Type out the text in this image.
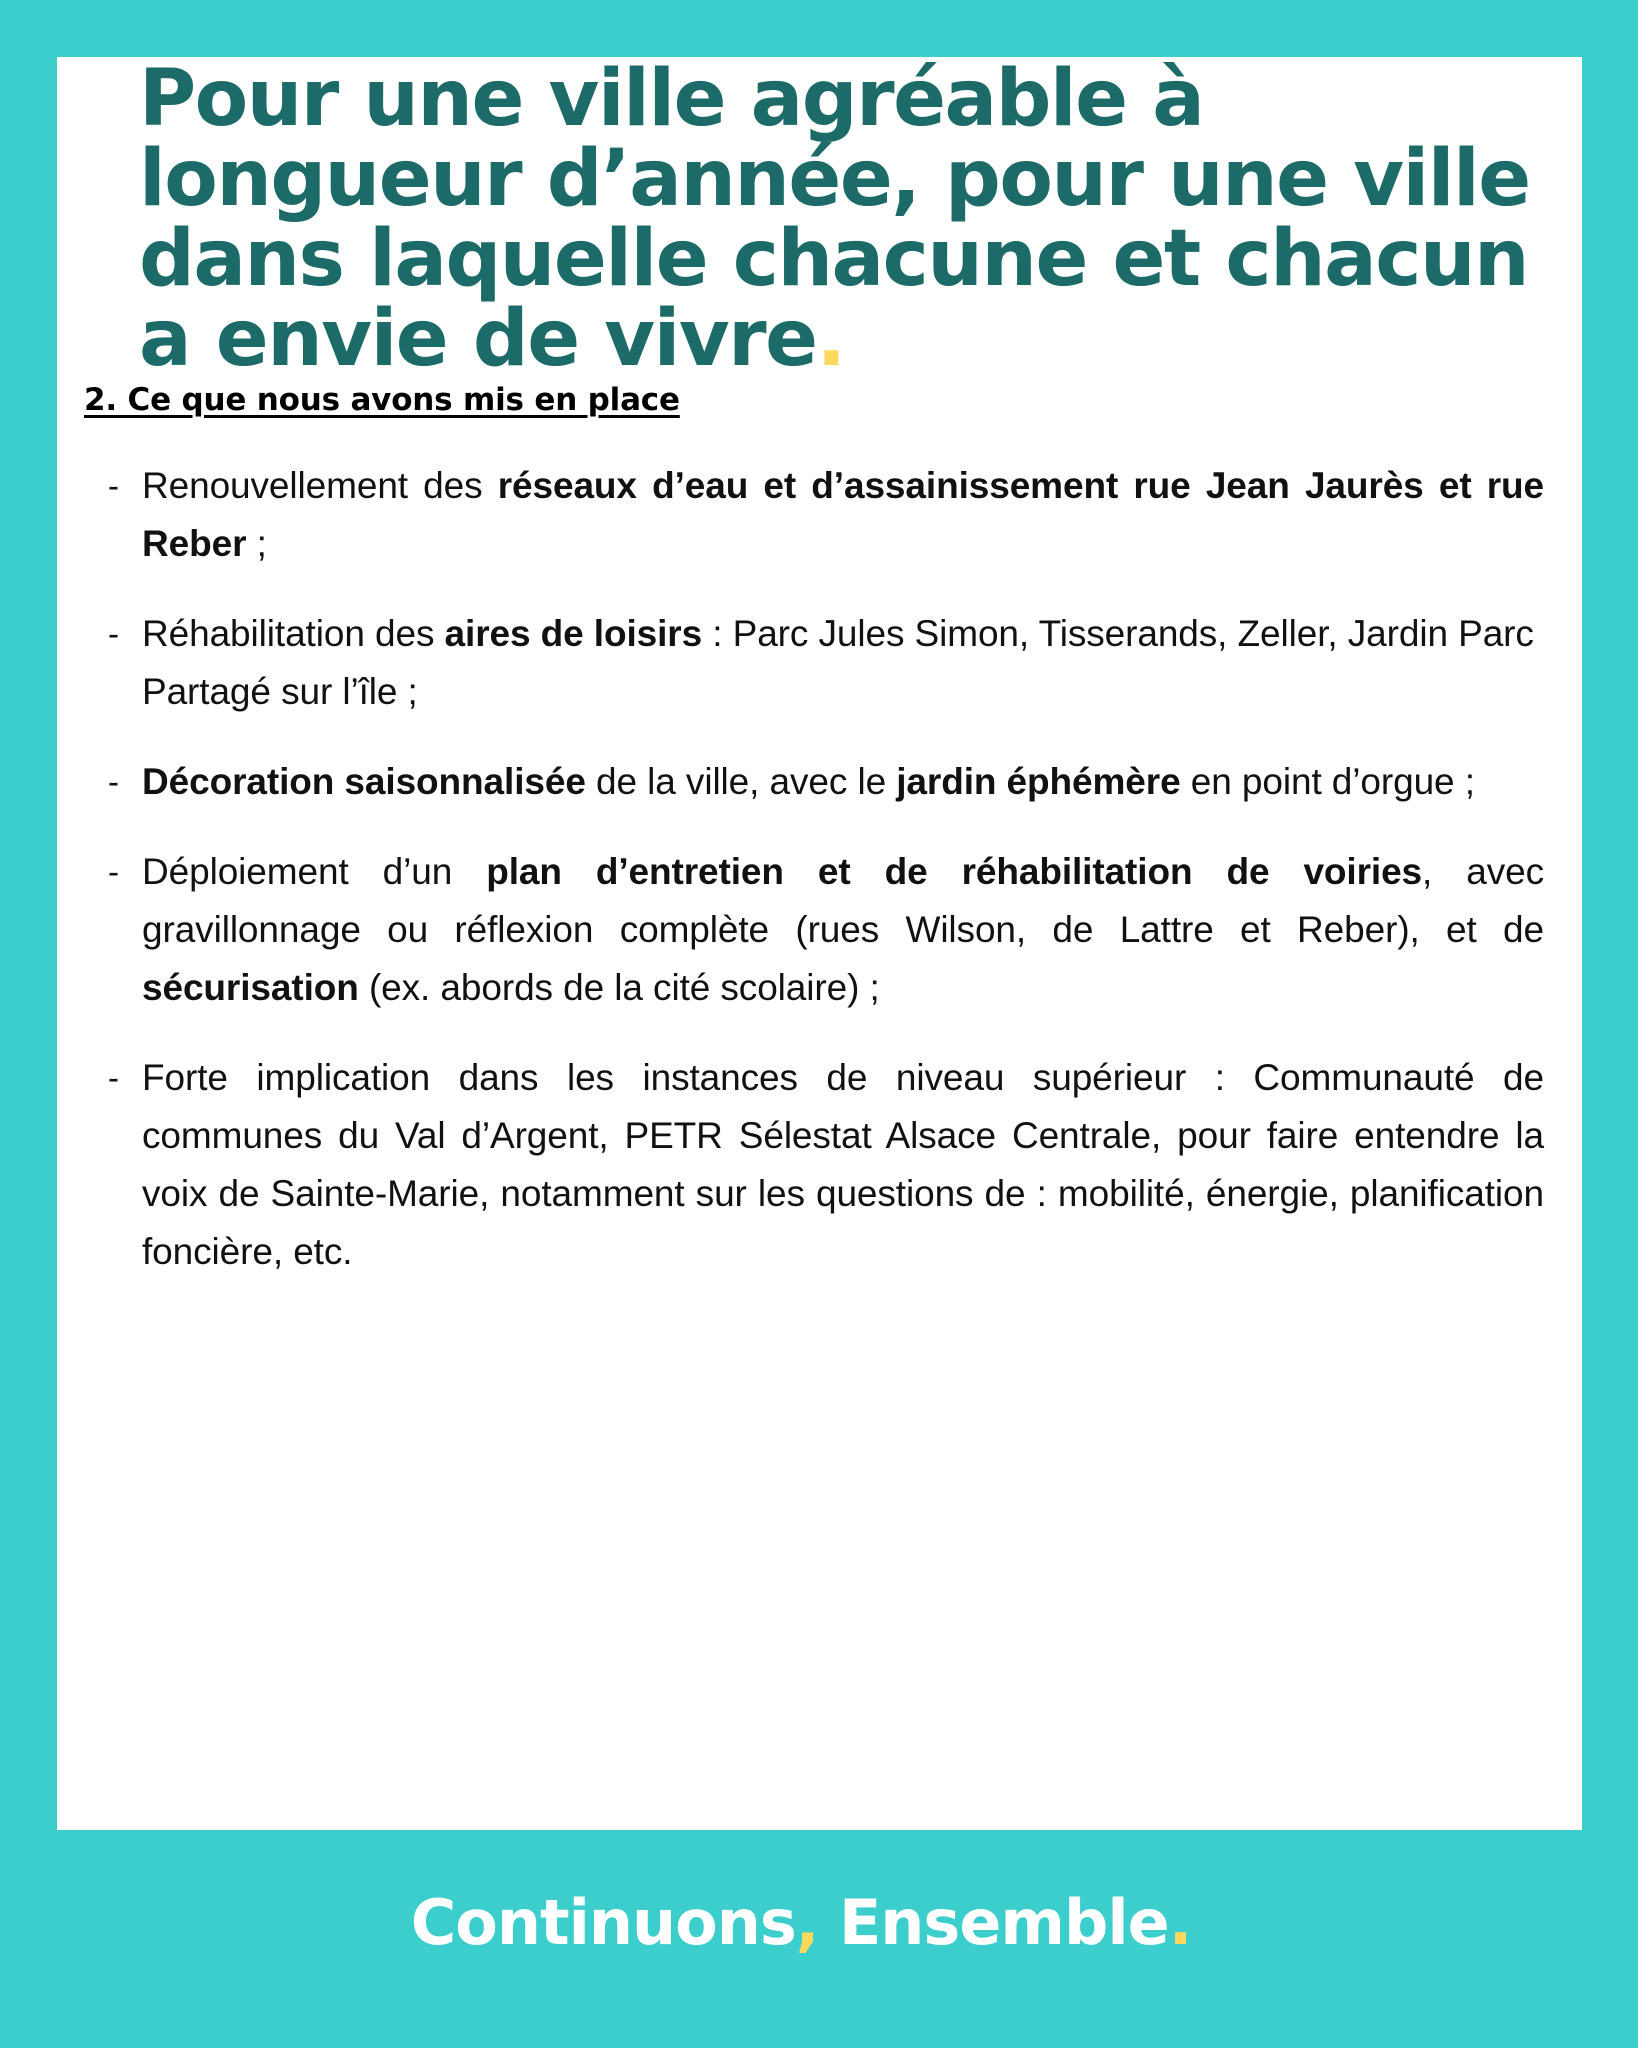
Pour une ville agréable à longueur d’année, pour une ville dans laquelle chacune et chacun a envie de vivre.
2. Ce que nous avons mis en place
- Renouvellement des réseaux d’eau et d’assainissement rue Jean Jaurès et rue Reber ;
- Réhabilitation des aires de loisirs : Parc Jules Simon, Tisserands, Zeller, Jardin Parc Partagé sur l’île ;
- Décoration saisonnalisée de la ville, avec le jardin éphémère en point d’orgue ;
- Déploiement d’un plan d’entretien et de réhabilitation de voiries, avec gravillonnage ou réflexion complète (rues Wilson, de Lattre et Reber), et de sécurisation (ex. abords de la cité scolaire) ;
- Forte implication dans les instances de niveau supérieur : Communauté de communes du Val d’Argent, PETR Sélestat Alsace Centrale, pour faire entendre la voix de Sainte-Marie, notamment sur les questions de : mobilité, énergie, planification foncière, etc.
Continuons, Ensemble.
